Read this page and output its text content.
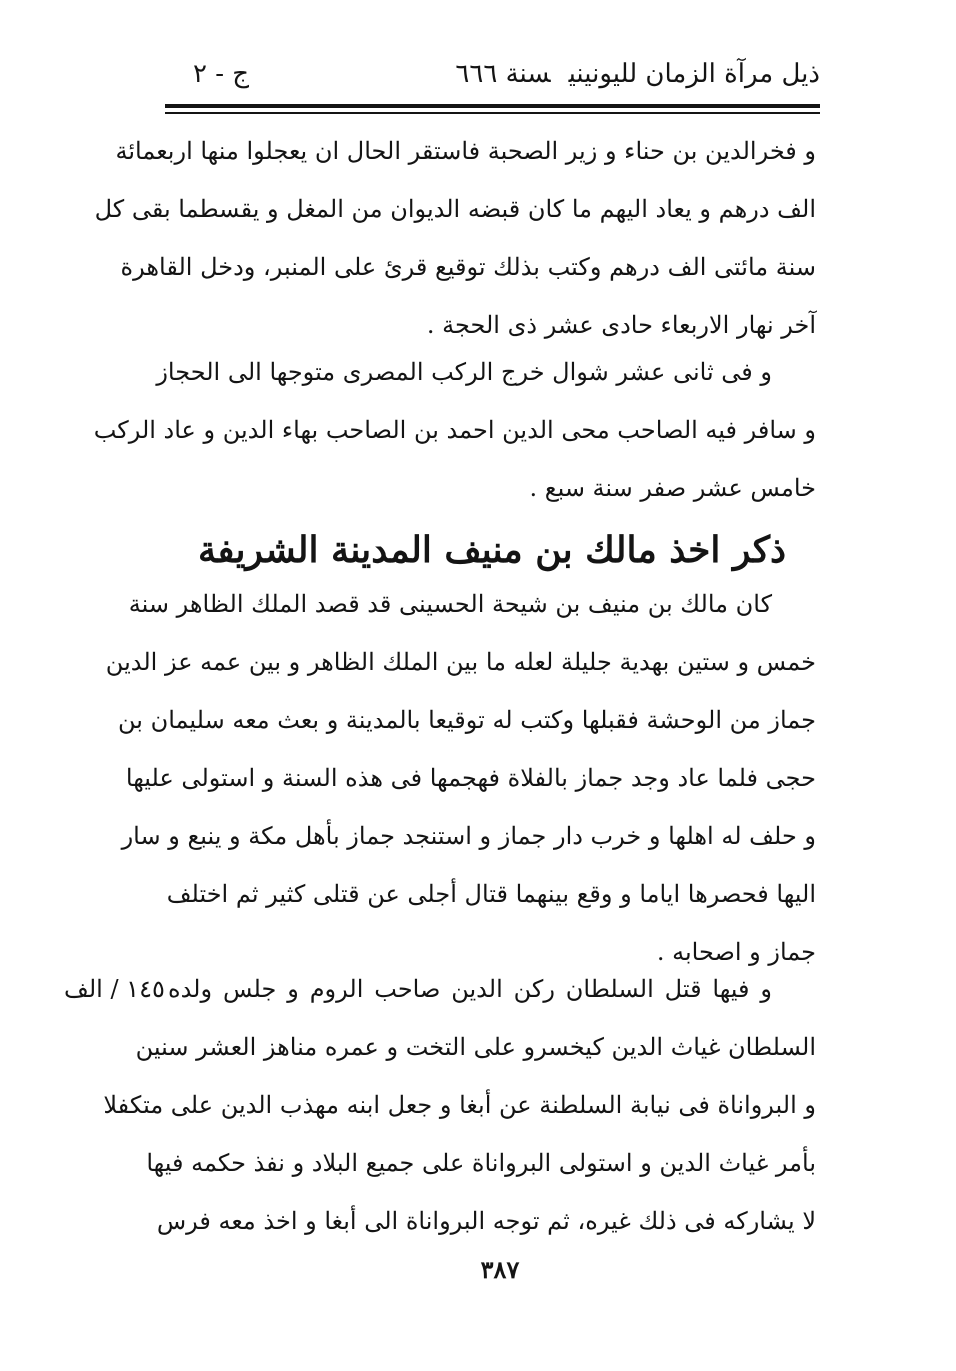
ذيل مرآة الزمان لليونينيسنة ٦٦٦
ج - ٢
و فخرالدين بن حناء و زير الصحبة فاستقر الحال ان يعجلوا منها اربعمائة
الف درهم و يعاد اليهم ما كان قبضه الديوان من المغل و يقسطما بقى كل
سنة مائتى الف درهم وكتب بذلك توقيع قرئ على المنبر، ودخل القاهرة
آخر نهار الاربعاء حادى عشر ذى الحجة .
و فى ثانى عشر شوال خرج الركب المصرى متوجها الى الحجاز
و سافر فيه الصاحب محى الدين احمد بن الصاحب بهاء الدين و عاد الركب
خامس عشر صفر سنة سبع .
ذكر اخذ مالك بن منيف المدينة الشريفة
كان مالك بن منيف بن شيحة الحسينى قد قصد الملك الظاهر سنة
خمس و ستين بهدية جليلة لعله ما بين الملك الظاهر و بين عمه عز الدين
جماز من الوحشة فقبلها وكتب له توقيعا بالمدينة و بعث معه سليمان بن
حجى فلما عاد وجد جماز بالفلاة فهجمها فى هذه السنة و استولى عليها
و حلف له اهلها و خرب دار جماز و استنجد جماز بأهل مكة و ينبع و سار
اليها فحصرها اياما و وقع بينهما قتال أجلى عن قتلى كثير ثم اختلف
جماز و اصحابه .
١٤٥ / الف و فيها قتل السلطان ركن الدين صاحب الروم و جلس ولده
السلطان غياث الدين كيخسرو على التخت و عمره مناهز العشر سنين
و البرواناة فى نيابة السلطنة عن أبغا و جعل ابنه مهذب الدين على متكفلا
بأمر غياث الدين و استولى البرواناة على جميع البلاد و نفذ حكمه فيها
لا يشاركه فى ذلك غيره، ثم توجه البرواناة الى أبغا و اخذ معه فرس
٣٨٧
